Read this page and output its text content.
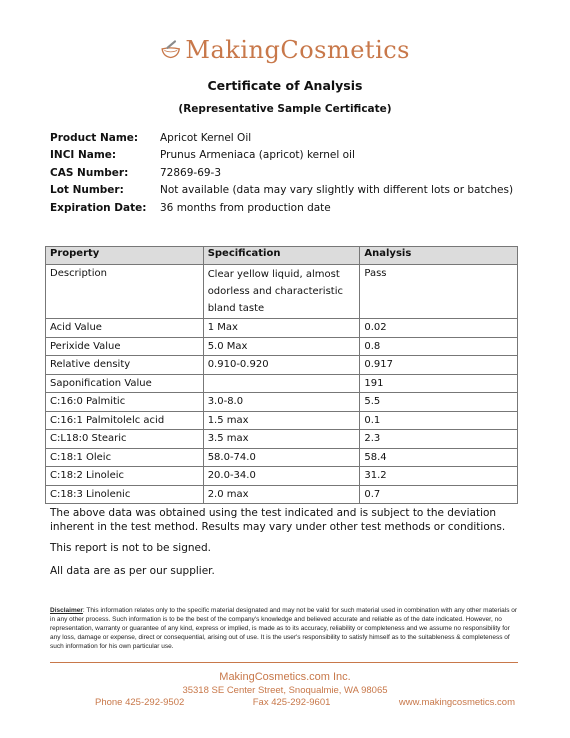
MakingCosmetics
Certificate of Analysis
(Representative Sample Certificate)
Product Name:	Apricot Kernel Oil
INCI Name:	Prunus Armeniaca (apricot) kernel oil
CAS Number:	72869-69-3
Lot Number:	Not available (data may vary slightly with different lots or batches)
Expiration Date:	36 months from production date
Property	Specification	Analysis
Description	Clear yellow liquid, almost odorless and characteristic bland taste	Pass
Acid Value	1 Max	0.02
Perixide Value	5.0 Max	0.8
Relative density	0.910-0.920	0.917
Saponification Value		191
C:16:0 Palmitic	3.0-8.0	5.5
C:16:1 Palmitolelc acid	1.5 max	0.1
C:L18:0 Stearic	3.5 max	2.3
C:18:1 Oleic	58.0-74.0	58.4
C:18:2 Linoleic	20.0-34.0	31.2
C:18:3 Linolenic	2.0 max	0.7
The above data was obtained using the test indicated and is subject to the deviation inherent in the test method. Results may vary under other test methods or conditions.
This report is not to be signed.
All data are as per our supplier.
Disclaimer: This information relates only to the specific material designated and may not be valid for such material used in combination with any other materials or in any other process. Such information is to be the best of the company's knowledge and believed accurate and reliable as of the date indicated. However, no representation, warranty or guarantee of any kind, express or implied, is made as to its accuracy, reliability or completeness and we assume no responsibility for any loss, damage or expense, direct or consequential, arising out of use. It is the user's responsibility to satisfy himself as to the suitableness & completeness of such information for his own particular use.
MakingCosmetics.com Inc.
35318 SE Center Street, Snoqualmie, WA 98065
Phone 425-292-9502	Fax 425-292-9601	www.makingcosmetics.com
